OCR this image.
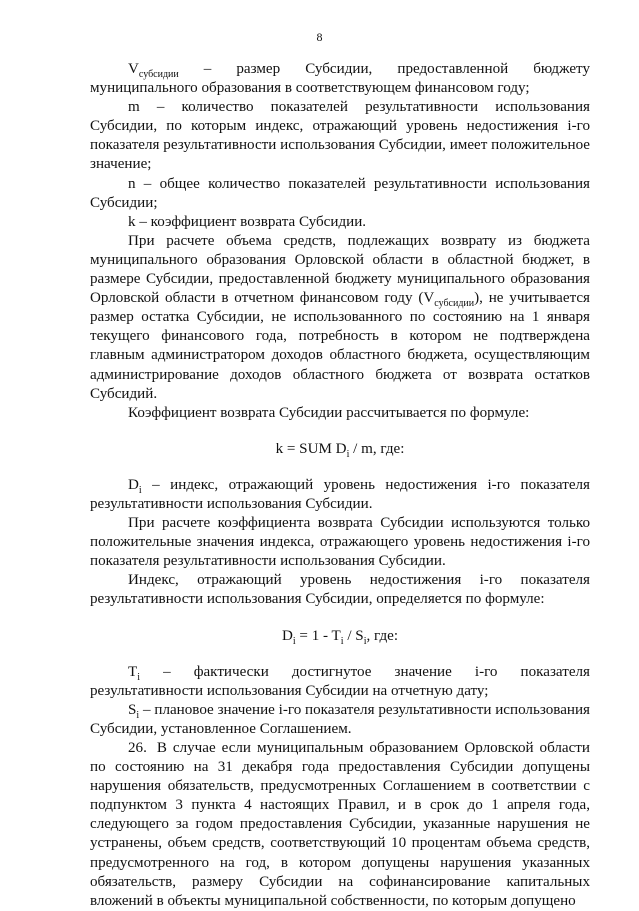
8

$V_{субсидии}$ – размер Субсидии, предоставленной бюджету муниципального образования в соответствующем финансовом году;

m – количество показателей результативности использования Субсидии, по которым индекс, отражающий уровень недостижения i-го показателя результативности использования Субсидии, имеет положительное значение;

n – общее количество показателей результативности использования Субсидии;

k – коэффициент возврата Субсидии.

При расчете объема средств, подлежащих возврату из бюджета муниципального образования Орловской области в областной бюджет, в размере Субсидии, предоставленной бюджету муниципального образования Орловской области в отчетном финансовом году $(V_{субсидии})$, не учитывается размер остатка Субсидии, не использованного по состоянию на 1 января текущего финансового года, потребность в котором не подтверждена главным администратором доходов областного бюджета, осуществляющим администрирование доходов областного бюджета от возврата остатков Субсидий.

Коэффициент возврата Субсидии рассчитывается по формуле:

k = SUM $D_i$ / m, где:

$D_i$ – индекс, отражающий уровень недостижения i-го показателя результативности использования Субсидии.

При расчете коэффициента возврата Субсидии используются только положительные значения индекса, отражающего уровень недостижения i-го показателя результативности использования Субсидии.

Индекс, отражающий уровень недостижения i-го показателя результативности использования Субсидии, определяется по формуле:

$D_i = 1 - T_i / S_i$, где:

$T_i$ – фактически достигнутое значение i-го показателя результативности использования Субсидии на отчетную дату;

$S_i$ – плановое значение i-го показателя результативности использования Субсидии, установленное Соглашением.

26. В случае если муниципальным образованием Орловской области по состоянию на 31 декабря года предоставления Субсидии допущены нарушения обязательств, предусмотренных Соглашением в соответствии с подпунктом 3 пункта 4 настоящих Правил, и в срок до 1 апреля года, следующего за годом предоставления Субсидии, указанные нарушения не устранены, объем средств, соответствующий 10 процентам объема средств, предусмотренного на год, в котором допущены нарушения указанных обязательств, размеру Субсидии на софинансирование капитальных вложений в объекты муниципальной собственности, по которым допущено
